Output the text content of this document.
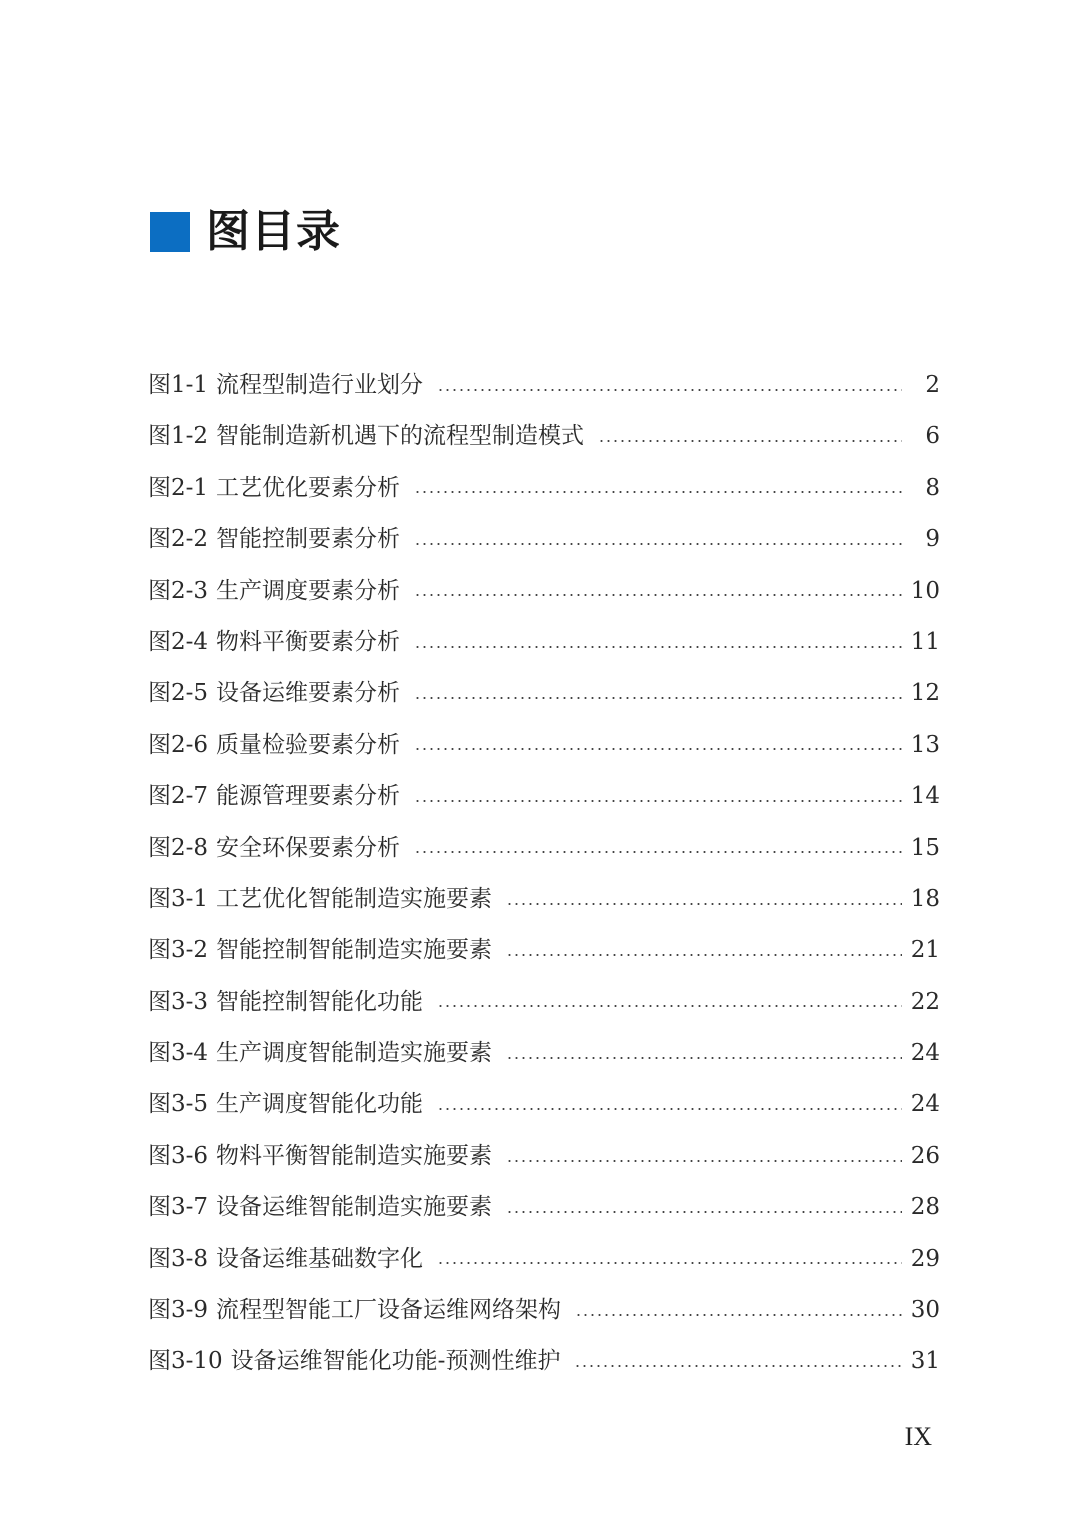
图目录
图1-1 流程型制造行业划分	2
图1-2 智能制造新机遇下的流程型制造模式	6
图2-1 工艺优化要素分析	8
图2-2 智能控制要素分析	9
图2-3 生产调度要素分析	10
图2-4 物料平衡要素分析	11
图2-5 设备运维要素分析	12
图2-6 质量检验要素分析	13
图2-7 能源管理要素分析	14
图2-8 安全环保要素分析	15
图3-1 工艺优化智能制造实施要素	18
图3-2 智能控制智能制造实施要素	21
图3-3 智能控制智能化功能	22
图3-4 生产调度智能制造实施要素	24
图3-5 生产调度智能化功能	24
图3-6 物料平衡智能制造实施要素	26
图3-7 设备运维智能制造实施要素	28
图3-8 设备运维基础数字化	29
图3-9 流程型智能工厂设备运维网络架构	30
图3-10 设备运维智能化功能-预测性维护	31
IX
